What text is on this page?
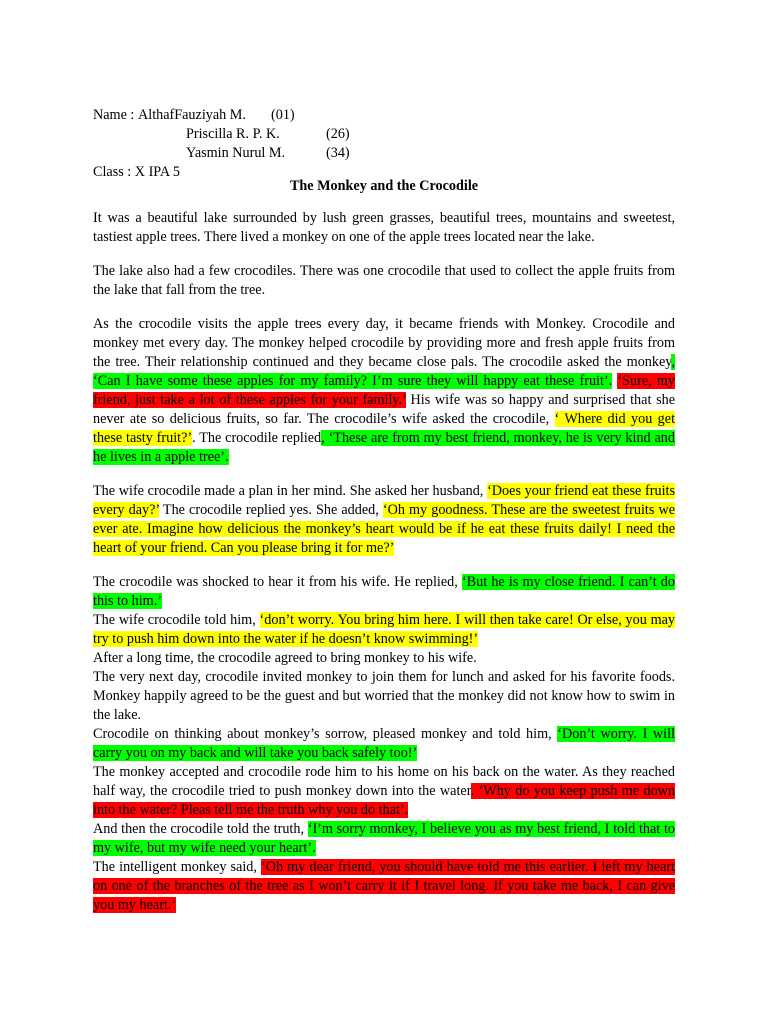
Name : AlthafFauziyah M. (01)

Priscilla R. P. K.	(26)

Yasmin Nurul M.	(34)

Class : X IPA 5

The Monkey and the Crocodile

It was a beautiful lake surrounded by lush green grasses, beautiful trees, mountains and sweetest, tastiest apple trees. There lived a monkey on one of the apple trees located near the lake.

The lake also had a few crocodiles. There was one crocodile that used to collect the apple fruits from the lake that fall from the tree.

As the crocodile visits the apple trees every day, it became friends with Monkey. Crocodile and monkey met every day. The monkey helped crocodile by providing more and fresh apple fruits from the tree. Their relationship continued and they became close pals. The crocodile asked the monkey, ‘Can I have some these apples for my family? I’m sure they will happy eat these fruit’. ‘Sure, my friend, just take a lot of these apples for your family.’ His wife was so happy and surprised that she never ate so delicious fruits, so far. The crocodile’s wife asked the crocodile, ‘ Where did you get these tasty fruit?’. The crocodile replied, ‘These are from my best friend, monkey, he is very kind and he lives in a apple tree’.

The wife crocodile made a plan in her mind. She asked her husband, ‘Does your friend eat these fruits every day?’ The crocodile replied yes. She added, ‘Oh my goodness. These are the sweetest fruits we ever ate. Imagine how delicious the monkey’s heart would be if he eat these fruits daily! I need the heart of your friend. Can you please bring it for me?’

The crocodile was shocked to hear it from his wife. He replied, ‘But he is my close friend. I can’t do this to him.’

The wife crocodile told him, ‘don’t worry. You bring him here. I will then take care! Or else, you may try to push him down into the water if he doesn’t know swimming!’

After a long time, the crocodile agreed to bring monkey to his wife.

The very next day, crocodile invited monkey to join them for lunch and asked for his favorite foods. Monkey happily agreed to be the guest and but worried that the monkey did not know how to swim in the lake.

Crocodile on thinking about monkey’s sorrow, pleased monkey and told him, ‘Don’t worry. I will carry you on my back and will take you back safely too!’

The monkey accepted and crocodile rode him to his home on his back on the water. As they reached half way, the crocodile tried to push monkey down into the water. ‘Why do you keep push me down into the water? Pleas tell me the truth why you do that’.

And then the crocodile told the truth, ‘I’m sorry monkey, I believe you as my best friend, I told that to my wife, but my wife need your heart’.

The intelligent monkey said, ‘Oh my dear friend, you should have told me this earlier. I left my heart on one of the branches of the tree as I won’t carry it if I travel long. If you take me back, I can give you my heart.’
